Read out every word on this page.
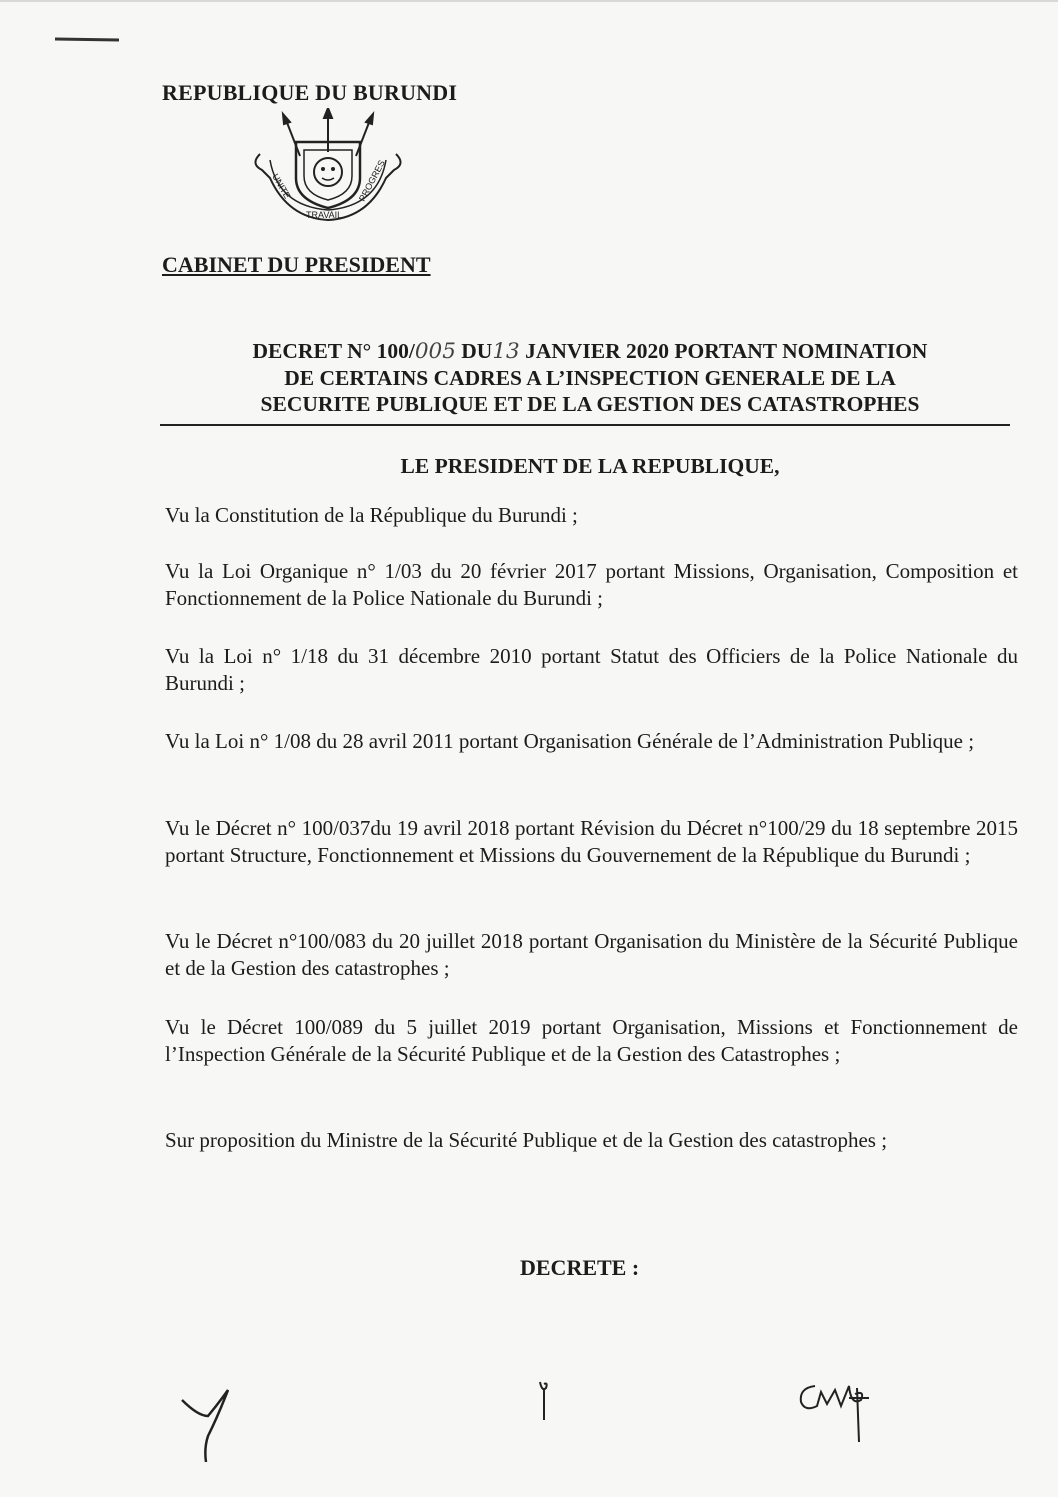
REPUBLIQUE DU BURUNDI
UNITE
TRAVAIL
PROGRES
CABINET DU PRESIDENT
DECRET N° 100/005 DU13 JANVIER 2020 PORTANT NOMINATION
DE CERTAINS CADRES A L’INSPECTION GENERALE DE LA
SECURITE PUBLIQUE ET DE LA GESTION DES CATASTROPHES
LE PRESIDENT DE LA REPUBLIQUE,

Vu la Constitution de la République du Burundi ;

Vu la Loi Organique n° 1/03 du 20 février 2017 portant Missions, Organisation, Composition et Fonctionnement de la Police Nationale du Burundi ;

Vu la Loi n° 1/18 du 31 décembre 2010 portant Statut des Officiers de la Police Nationale du Burundi ;

Vu la Loi n° 1/08 du 28 avril 2011 portant Organisation Générale de l’Administration Publique ;

Vu le Décret n° 100/037du 19 avril 2018 portant Révision du Décret n°100/29 du 18 septembre 2015 portant Structure, Fonctionnement et Missions du Gouvernement de la République du Burundi ;

Vu le Décret n°100/083 du 20 juillet 2018 portant Organisation du Ministère de la Sécurité Publique et de la Gestion des catastrophes ;

Vu le Décret 100/089 du 5 juillet 2019 portant Organisation, Missions et Fonctionnement de l’Inspection Générale de la Sécurité Publique et de la Gestion des Catastrophes ;

Sur proposition du Ministre de la Sécurité Publique et de la Gestion des catastrophes ;

DECRETE :
